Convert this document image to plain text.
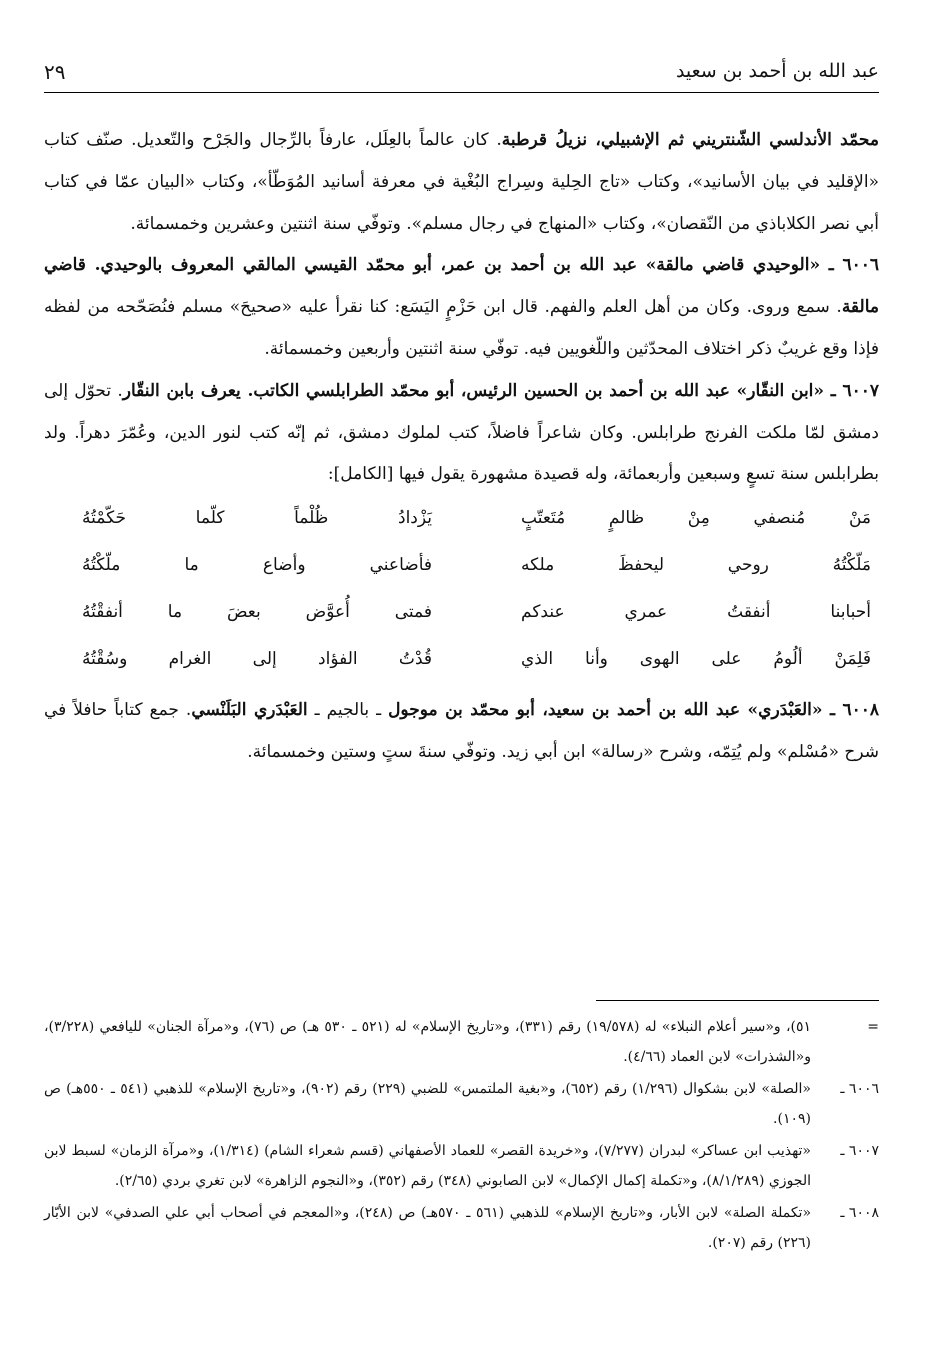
عبد الله بن أحمد بن سعيد
٢٩

محمّد الأندلسي الشّنتريني ثم الإشبيلي، نزيلُ قرطبة. كان عالماً بالعِلَل، عارفاً بالرِّجال والجَرْح والتّعديل. صنّف كتاب «الإقليد في بيان الأسانيد»، وكتاب «تاج الحِلية وسِراج البُغْية في معرفة أسانيد المُوَطّأ»، وكتاب «البيان عمّا في كتاب أبي نصر الكلاباذي من النّقصان»، وكتاب «المنهاج في رجال مسلم». وتوفّي سنة اثنتين وعشرين وخمسمائة.

٦٠٠٦ ـ «الوحيدي قاضي مالقة» عبد الله بن أحمد بن عمر، أبو محمّد القيسي المالقي المعروف بالوحيدي. قاضي مالقة. سمع وروى. وكان من أهل العلم والفهم. قال ابن حَزْمٍ اليَسَع: كنا نقرأ عليه «صحيحَ» مسلم فنُصَحّحه من لفظه فإذا وقع غريبٌ ذكر اختلاف المحدّثين واللّغويين فيه. توفّي سنة اثنتين وأربعين وخمسمائة.

٦٠٠٧ ـ «ابن النقّار» عبد الله بن أحمد بن الحسين الرئيس، أبو محمّد الطرابلسي الكاتب. يعرف بابن النقّار. تحوّل إلى دمشق لمّا ملكت الفرنج طرابلس. وكان شاعراً فاضلاً، كتب لملوك دمشق، ثم إنّه كتب لنور الدين، وعُمّرَ دهراً. ولد بطرابلس سنة تسعٍ وسبعين وأربعمائة، وله قصيدة مشهورة يقول فيها [الكامل]:

مَنْ مُنصفي مِنْ ظالمٍ مُتَعتّبٍ
يَزْدادُ ظُلْماً كلّما حَكّمْتُهُ
مَلّكْتُهُ روحي ليحفظَ ملكه
فأضاعني وأضاع ما ملّكْتُهُ
أحبابنا أنفقتُ عمري عندكم
فمتى أُعوَّض بعضَ ما أنفقْتُهُ
فَلِمَنْ ألُومُ على الهوى وأنا الذي
قُدْتُ الفؤاد إلى الغرام وسُقْتُهُ

٦٠٠٨ ـ «العَبْدَري» عبد الله بن أحمد بن سعيد، أبو محمّد بن موجول ـ بالجيم ـ العَبْدَري البَلَنْسي. جمع كتاباً حافلاً في شرح «مُسْلم» ولم يُتِمّه، وشرح «رسالة» ابن أبي زيد. وتوفّي سنةَ ستٍ وستين وخمسمائة.

=
٥١)، و«سير أعلام النبلاء» له (١٩/٥٧٨) رقم (٣٣١)، و«تاريخ الإسلام» له (٥٢١ ـ ٥٣٠ هـ) ص (٧٦)، و«مرآة الجنان» لليافعي (٣/٢٢٨)، و«الشذرات» لابن العماد (٤/٦٦).
٦٠٠٦ ـ
«الصلة» لابن بشكوال (١/٢٩٦) رقم (٦٥٢)، و«بغية الملتمس» للضبي (٢٢٩) رقم (٩٠٢)، و«تاريخ الإسلام» للذهبي (٥٤١ ـ ٥٥٠هـ) ص (١٠٩).
٦٠٠٧ ـ
«تهذيب ابن عساكر» لبدران (٧/٢٧٧)، و«خريدة القصر» للعماد الأصفهاني (قسم شعراء الشام) (١/٣١٤)، و«مرآة الزمان» لسبط لابن الجوزي (٨/١/٢٨٩)، و«تكملة إكمال الإكمال» لابن الصابوني (٣٤٨) رقم (٣٥٢)، و«النجوم الزاهرة» لابن تغري بردي (٢/٦٥).
٦٠٠٨ ـ
«تكملة الصلة» لابن الأبار، و«تاريخ الإسلام» للذهبي (٥٦١ ـ ٥٧٠هـ) ص (٢٤٨)، و«المعجم في أصحاب أبي علي الصدفي» لابن الأبّار (٢٢٦) رقم (٢٠٧).
